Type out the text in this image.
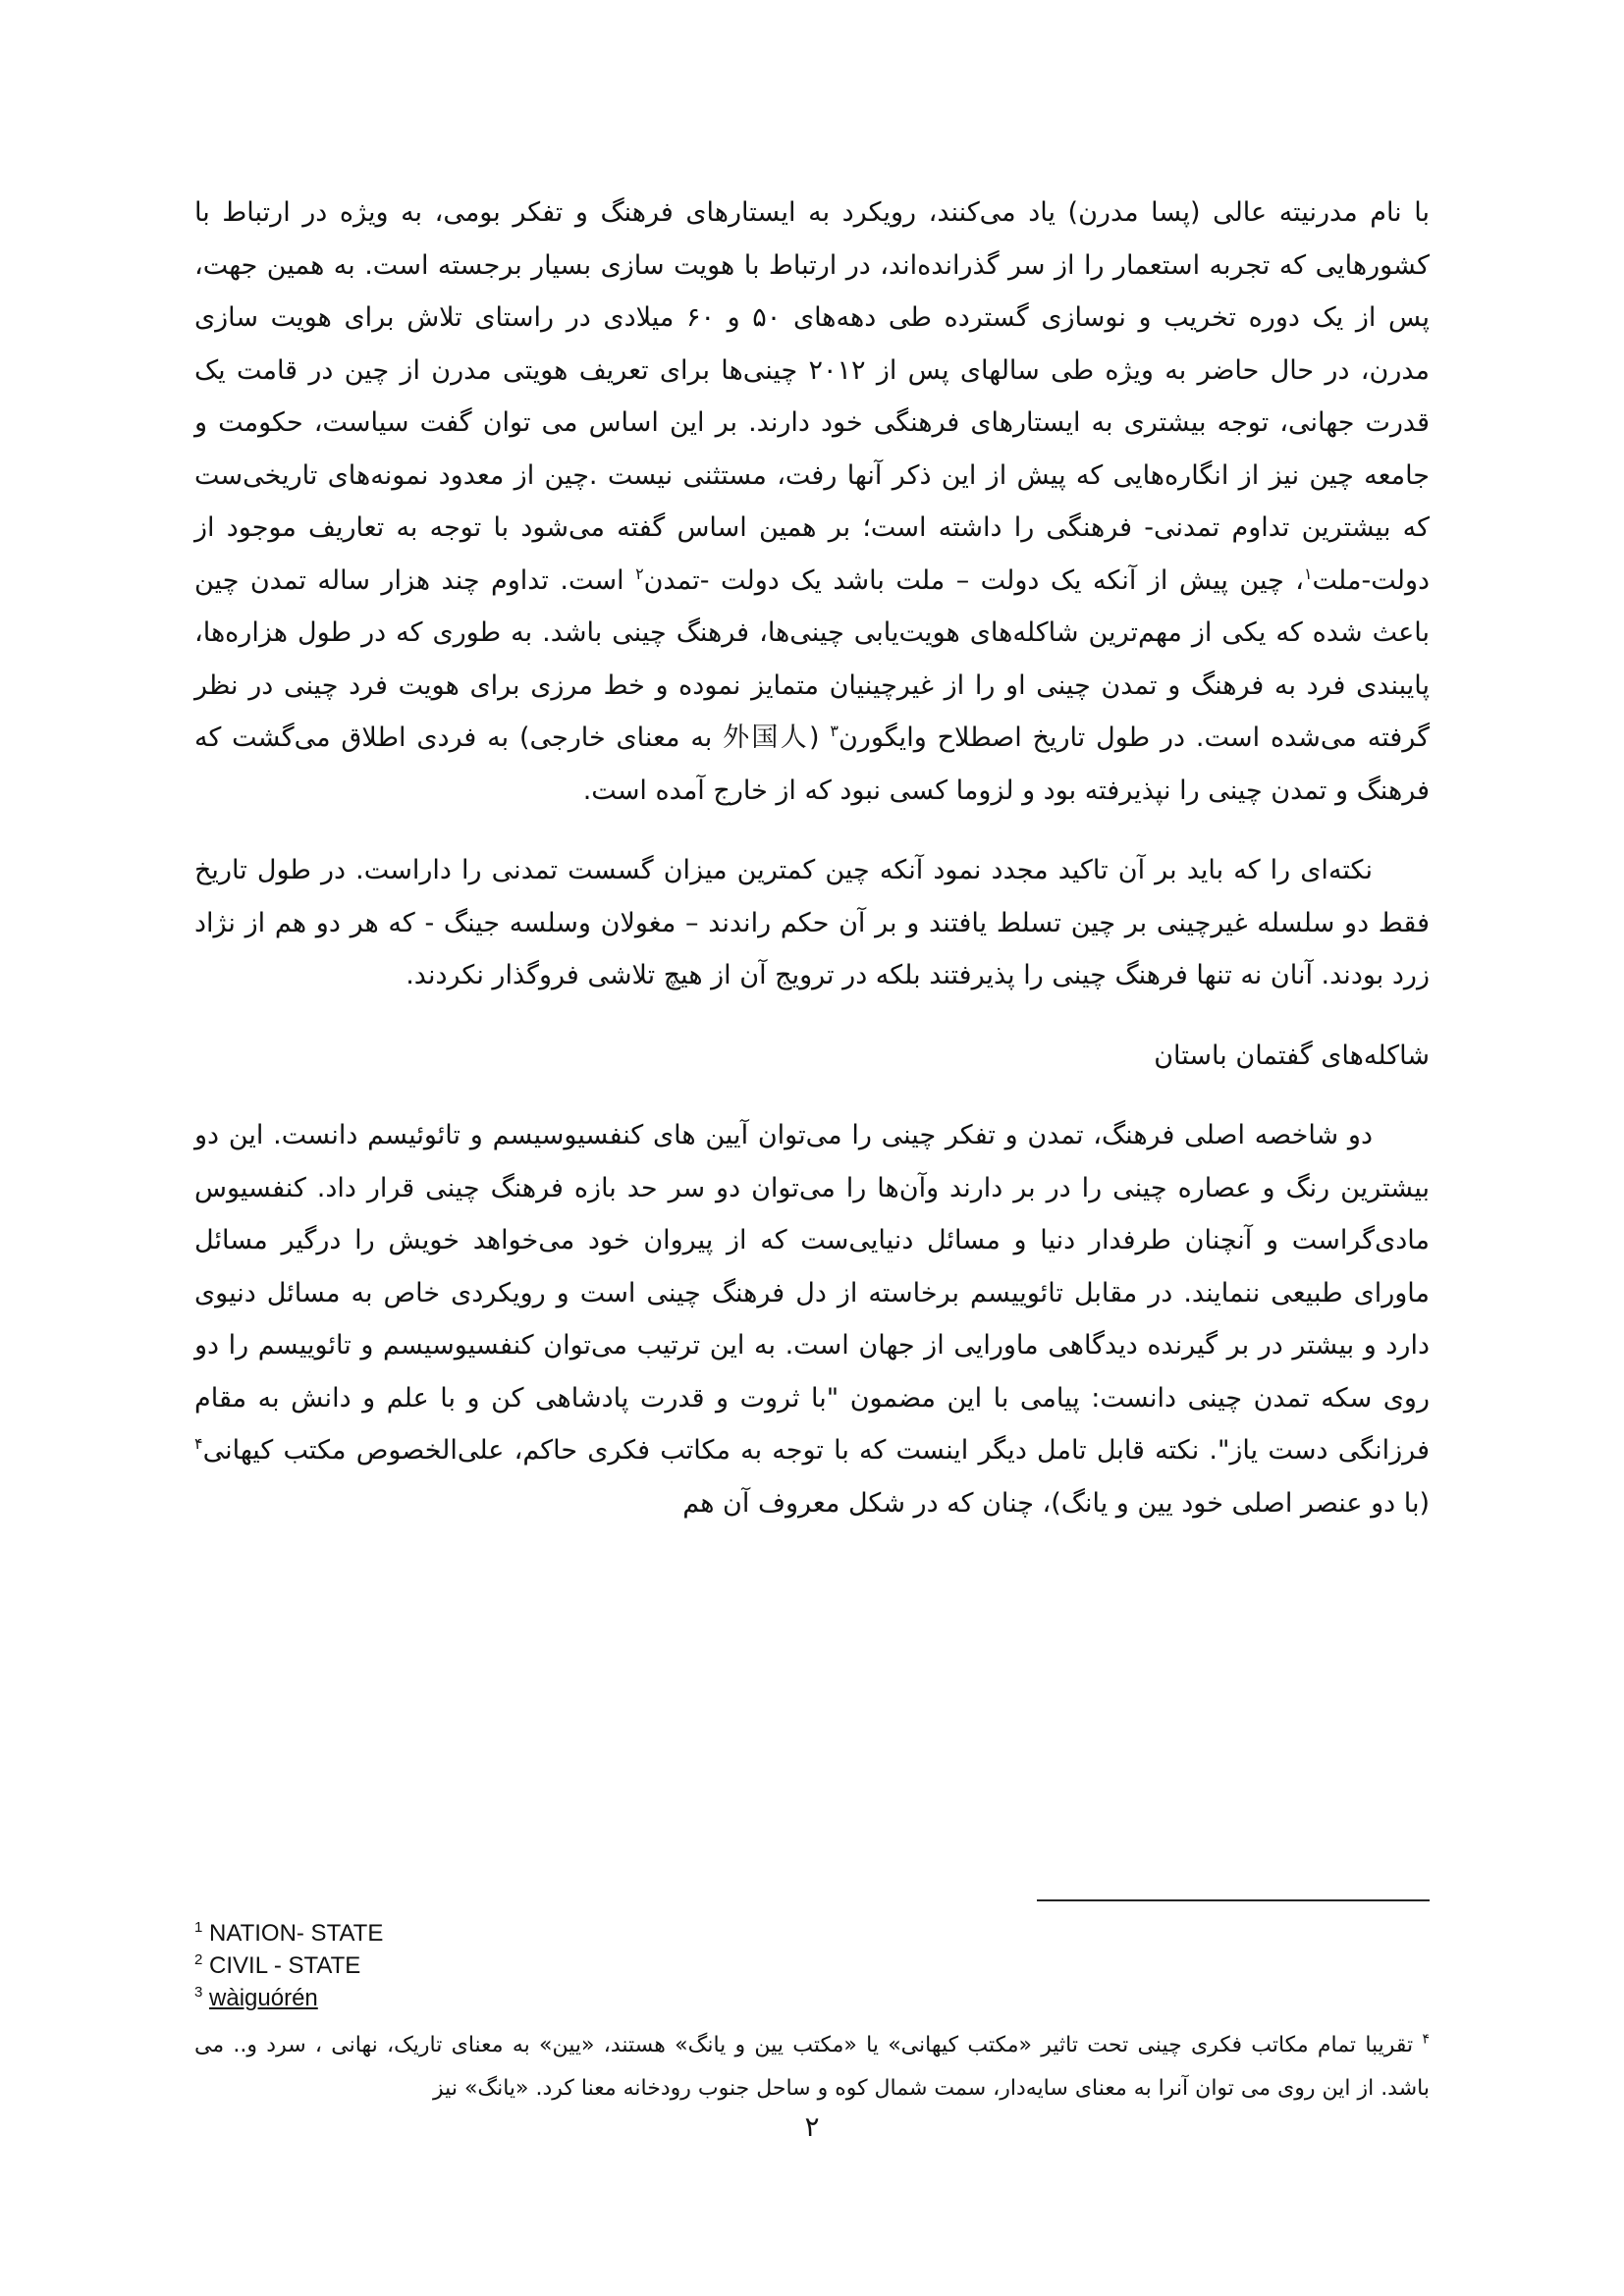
با نام مدرنیته عالی (پسا مدرن) یاد می‌کنند، رویکرد به ایستارهای فرهنگ و تفکر بومی، به ویژه در ارتباط با کشورهایی که تجربه استعمار را از سر گذرانده‌اند، در ارتباط با هویت سازی بسیار برجسته است. به همین جهت، پس از یک دوره تخریب و نوسازی گسترده طی دهه‌های ۵۰ و ۶۰ میلادی در راستای تلاش برای هویت سازی مدرن، در حال حاضر به ویژه طی سالهای پس از ۲۰۱۲ چینی‌ها برای تعریف هویتی مدرن از چین در قامت یک قدرت جهانی، توجه بیشتری به ایستارهای فرهنگی خود دارند. بر این اساس می توان گفت سیاست، حکومت و جامعه چین نیز از انگاره‌هایی که پیش از این ذکر آنها رفت، مستثنی نیست .چین از معدود نمونه‌های تاریخی‌ست که بیشترین تداوم تمدنی- فرهنگی را داشته است؛ بر همین اساس گفته می‌شود با توجه به تعاریف موجود از دولت-ملت$^۱$، چین پیش از آنکه یک دولت – ملت باشد یک دولت -تمدن$^۲$ است. تداوم چند هزار ساله تمدن چین باعث شده که یکی از مهم‌ترین شاکله‌های هویت‌یابی چینی‌ها، فرهنگ چینی باشد. به طوری که در طول هزاره‌ها، پایبندی فرد به فرهنگ و تمدن چینی او را از غیرچینیان متمایز نموده و خط مرزی برای هویت فرد چینی در نظر گرفته می‌شده است. در طول تاریخ اصطلاح وایگورن$^۳$ (外国人 به معنای خارجی) به فردی اطلاق می‌گشت که فرهنگ و تمدن چینی را نپذیرفته بود و لزوما کسی نبود که از خارج آمده است.

نکته‌ای را که باید بر آن تاکید مجدد نمود آنکه چین کمترین میزان گسست تمدنی را داراست. در طول تاریخ فقط دو سلسله غیرچینی بر چین تسلط یافتند و بر آن حکم راندند – مغولان وسلسه جینگ - که هر دو هم از نژاد زرد بودند. آنان نه تنها فرهنگ چینی را پذیرفتند بلکه در ترویج آن از هیچ تلاشی فروگذار نکردند.

شاکله‌های گفتمان باستان

دو شاخصه اصلی فرهنگ، تمدن و تفکر چینی را می‌توان آیین های کنفسیوسیسم و تائوئیسم دانست. این دو بیشترین رنگ و عصاره چینی را در بر دارند وآن‌ها را می‌توان دو سر حد بازه فرهنگ چینی قرار داد. کنفسیوس مادی‌گراست و آنچنان طرفدار دنیا و مسائل دنیایی‌ست که از پیروان خود می‌خواهد خویش را درگیر مسائل ماورای طبیعی ننمایند. در مقابل تائوییسم برخاسته از دل فرهنگ چینی است و رویکردی خاص به مسائل دنیوی دارد و بیشتر در بر گیرنده دیدگاهی ماورایی از جهان است. به این ترتیب می‌توان کنفسیوسیسم و تائوییسم را دو روی سکه تمدن چینی دانست: پیامی با این مضمون "با ثروت و قدرت پادشاهی کن و با علم و دانش به مقام فرزانگی دست یاز". نکته قابل تامل دیگر اینست که با توجه به مکاتب فکری حاکم، علی‌الخصوص مکتب کیهانی$^۴$ (با دو عنصر اصلی خود یین و یانگ)، چنان که در شکل معروف آن هم

$^1$ NATION- STATE

$^2$ CIVIL - STATE

$^3$ wàiguórén

$^۴$ تقریبا تمام مکاتب فکری چینی تحت تاثیر «مکتب کیهانی» یا «مکتب یین و یانگ» هستند، «یین» به معنای تاریک، نهانی ، سرد و.. می باشد. از این روی می توان آنرا به معنای سایه‌دار، سمت شمال کوه و ساحل جنوب رودخانه معنا کرد. «یانگ» نیز

۲
